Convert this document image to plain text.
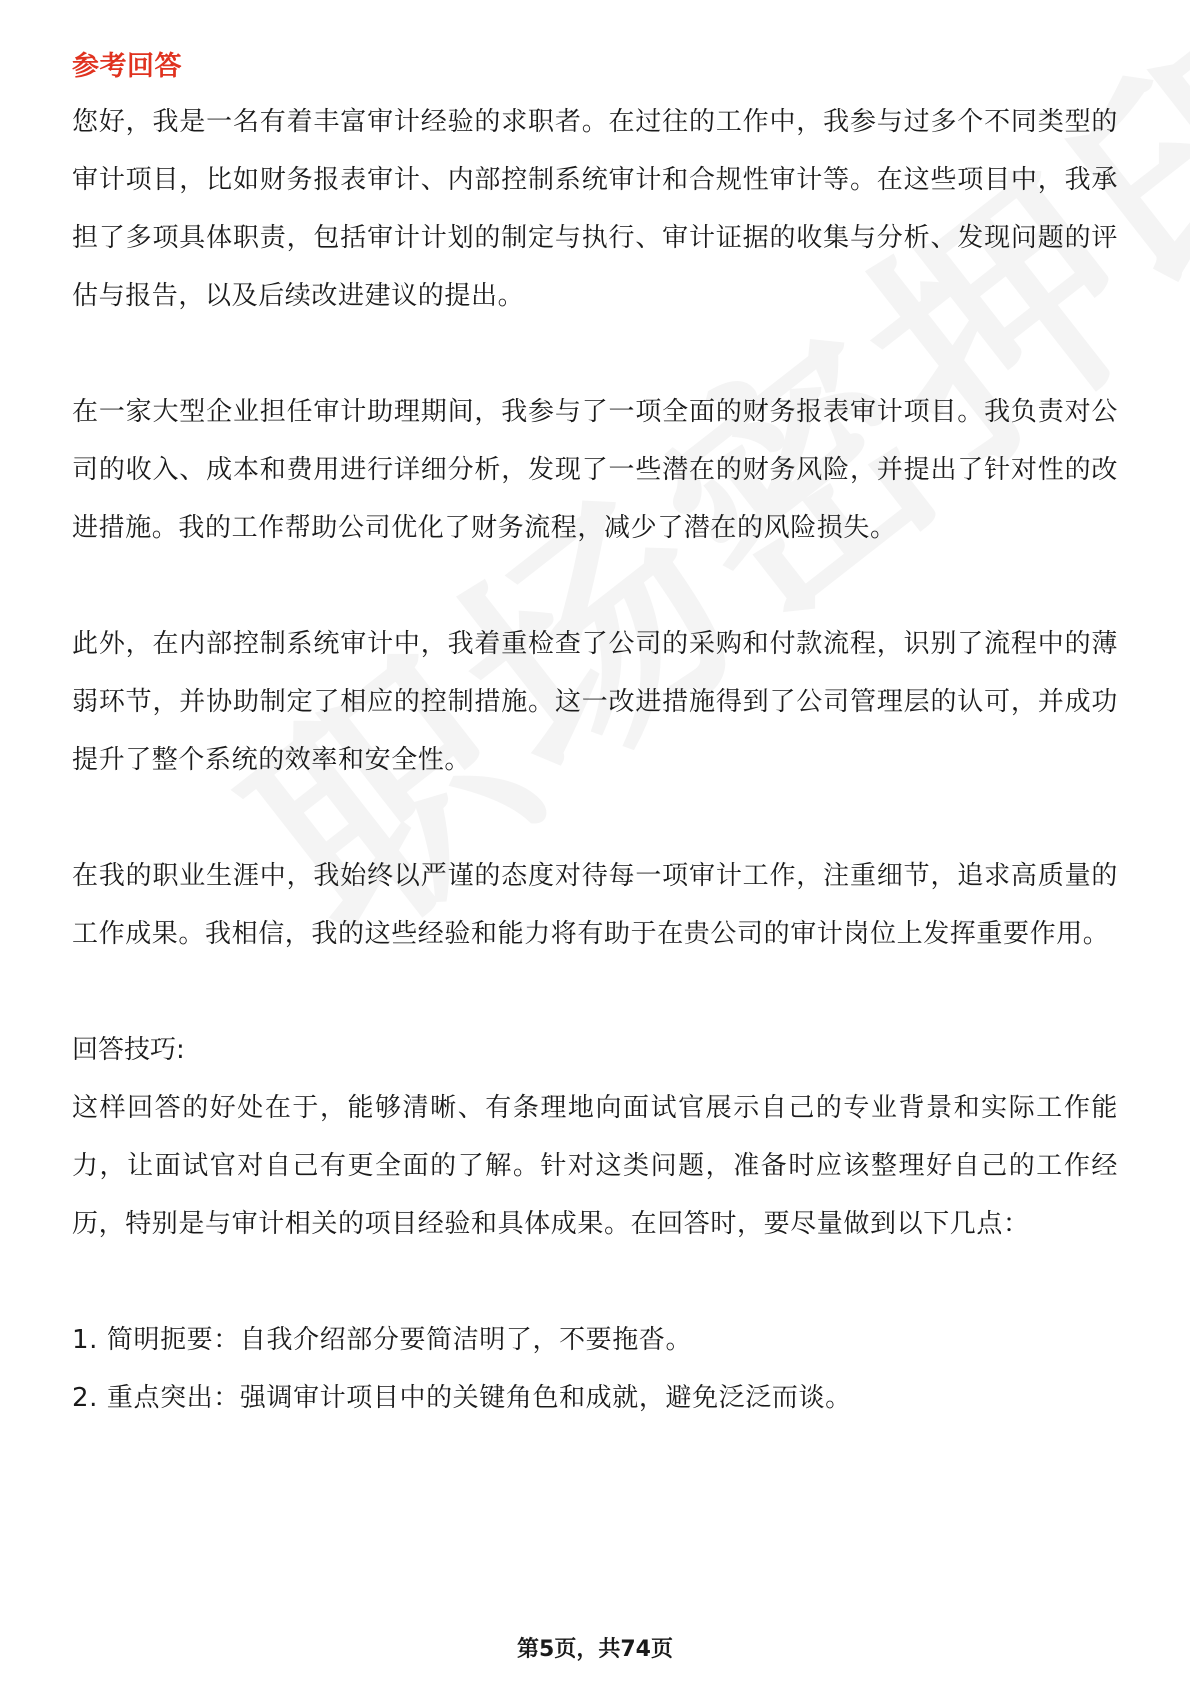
参考回答

您好，我是一名有着丰富审计经验的求职者。在过往的工作中，我参与过多个不同类型的审计项目，比如财务报表审计、内部控制系统审计和合规性审计等。在这些项目中，我承担了多项具体职责，包括审计计划的制定与执行、审计证据的收集与分析、发现问题的评估与报告，以及后续改进建议的提出。

在一家大型企业担任审计助理期间，我参与了一项全面的财务报表审计项目。我负责对公司的收入、成本和费用进行详细分析，发现了一些潜在的财务风险，并提出了针对性的改进措施。我的工作帮助公司优化了财务流程，减少了潜在的风险损失。

此外，在内部控制系统审计中，我着重检查了公司的采购和付款流程，识别了流程中的薄弱环节，并协助制定了相应的控制措施。这一改进措施得到了公司管理层的认可，并成功提升了整个系统的效率和安全性。

在我的职业生涯中，我始终以严谨的态度对待每一项审计工作，注重细节，追求高质量的工作成果。我相信，我的这些经验和能力将有助于在贵公司的审计岗位上发挥重要作用。

回答技巧:

这样回答的好处在于，能够清晰、有条理地向面试官展示自己的专业背景和实际工作能力，让面试官对自己有更全面的了解。针对这类问题，准备时应该整理好自己的工作经历，特别是与审计相关的项目经验和具体成果。在回答时，要尽量做到以下几点：

1. 简明扼要：自我介绍部分要简洁明了，不要拖沓。

2. 重点突出：强调审计项目中的关键角色和成就，避免泛泛而谈。

第5页，共74页
